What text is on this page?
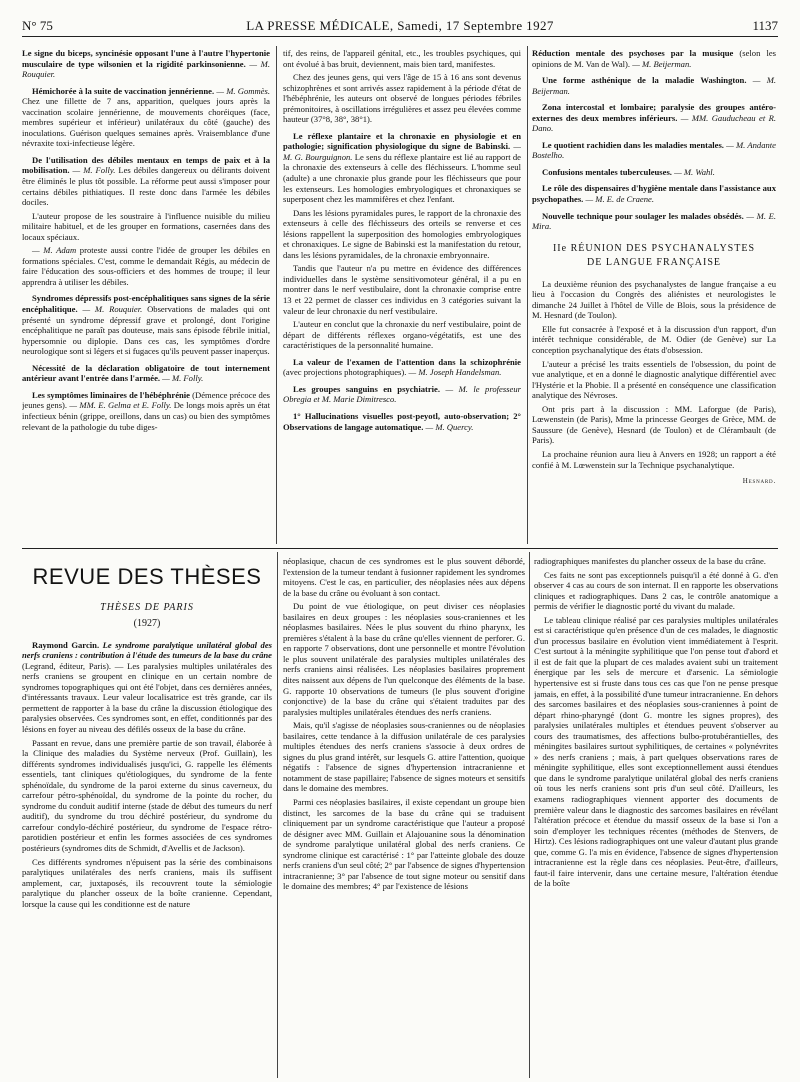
N° 75	LA PRESSE MÉDICALE, Samedi, 17 Septembre 1927	1137

Le signe du biceps, syncinésie opposant l'une à l'autre l'hypertonie musculaire de type wilsonien et la rigidité parkinsonienne. — M. Rouquier.

Hémichorée à la suite de vaccination jennérienne. — M. Gommès. Chez une fillette de 7 ans, apparition, quelques jours après la vaccination scolaire jennérienne, de mouvements choréiques (face, membres supérieur et inférieur) unilatéraux du côté (gauche) des inoculations. Guérison quelques semaines après. Vraisemblance d'une névraxite toxi-infectieuse légère.

De l'utilisation des débiles mentaux en temps de paix et à la mobilisation. — M. Folly. Les débiles dangereux ou délirants doivent être éliminés le plus tôt possible. La réforme peut aussi s'imposer pour certains débiles pithiatiques. Il reste donc dans l'armée les débiles dociles.

L'auteur propose de les soustraire à l'influence nuisible du milieu militaire habituel, et de les grouper en formations, casernées dans des locaux spéciaux.

— M. Adam proteste aussi contre l'idée de grouper les débiles en formations spéciales. C'est, comme le demandait Régis, au médecin de faire l'éducation des sous-officiers et des hommes de troupe; il leur apprendra à utiliser les débiles.

Syndromes dépressifs post-encéphalitiques sans signes de la série encéphalitique. — M. Rouquier. Observations de malades qui ont présenté un syndrome dépressif grave et prolongé, dont l'origine encéphalitique ne paraît pas douteuse, mais sans épisode fébrile initial, hypersomnie ou diplopie. Dans ces cas, les symptômes d'ordre neurologique sont si légers et si fugaces qu'ils peuvent passer inaperçus.

Nécessité de la déclaration obligatoire de tout internement antérieur avant l'entrée dans l'armée. — M. Folly.

Les symptômes liminaires de l'hébéphrénie (Démence précoce des jeunes gens). — MM. E. Gelma et E. Folly. De longs mois après un état infectieux bénin (grippe, oreillons, dans un cas) ou bien des symptômes relevant de la pathologie du tube diges-

tif, des reins, de l'appareil génital, etc., les troubles psychiques, qui ont évolué à bas bruit, deviennent, mais bien tard, manifestes.

Chez des jeunes gens, qui vers l'âge de 15 à 16 ans sont devenus schizophrènes et sont arrivés assez rapidement à la période d'état de l'hébéphrénie, les auteurs ont observé de longues périodes fébriles prémonitoires, à oscillations irrégulières et assez peu élevées comme hauteur (37°8, 38°, 38°1).

Le réflexe plantaire et la chronaxie en physiologie et en pathologie; signification physiologique du signe de Babinski. — M. G. Bourguignon. Le sens du réflexe plantaire est lié au rapport de la chronaxie des extenseurs à celle des fléchisseurs. L'homme seul (adulte) a une chronaxie plus grande pour les fléchisseurs que pour les extenseurs. Les homologies embryologiques et chronaxiques se superposent chez les mammifères et chez l'enfant.

Dans les lésions pyramidales pures, le rapport de la chronaxie des extenseurs à celle des fléchisseurs des orteils se renverse et ces lésions rappellent la superposition des homologies embryologiques et chronaxiques. Le signe de Babinski est la manifestation du retour, dans les lésions pyramidales, de la chronaxie embryonnaire.

Tandis que l'auteur n'a pu mettre en évidence des différences individuelles dans le système sensitivomoteur général, il a pu en montrer dans le nerf vestibulaire, dont la chronaxie comprise entre 13 et 22 permet de classer ces individus en 3 catégories suivant la valeur de leur chronaxie du nerf vestibulaire.

L'auteur en conclut que la chronaxie du nerf vestibulaire, point de départ de différents réflexes organo-végétatifs, est une des caractéristiques de la personnalité humaine.

La valeur de l'examen de l'attention dans la schizophrénie (avec projections photographiques). — M. Joseph Handelsman.

Les groupes sanguins en psychiatrie. — M. le professeur Obregia et M. Marie Dimitresco.

1° Hallucinations visuelles post-peyotl, auto-observation; 2° Observations de langage automatique. — M. Quercy.

Réduction mentale des psychoses par la musique (selon les opinions de M. Van de Wal). — M. Beijerman.

Une forme asthénique de la maladie Washington. — M. Beijerman.

Zona intercostal et lombaire; paralysie des groupes antéro-externes des deux membres inférieurs. — MM. Gauducheau et R. Dano.

Le quotient rachidien dans les maladies mentales. — M. Andante Bostelho.

Confusions mentales tuberculeuses. — M. Wahl.

Le rôle des dispensaires d'hygiène mentale dans l'assistance aux psychopathes. — M. E. de Craene.

Nouvelle technique pour soulager les malades obsédés. — M. E. Mira.

IIe RÉUNION DES PSYCHANALYSTES
DE LANGUE FRANÇAISE

La deuxième réunion des psychanalystes de langue française a eu lieu à l'occasion du Congrès des aliénistes et neurologistes le dimanche 24 Juillet à l'hôtel de Ville de Blois, sous la présidence de M. Hesnard (de Toulon).

Elle fut consacrée à l'exposé et à la discussion d'un rapport, d'un intérêt technique considérable, de M. Odier (de Genève) sur La conception psychanalytique des états d'obsession.

L'auteur a précisé les traits essentiels de l'obsession, du point de vue analytique, et en a donné le diagnostic analytique différentiel avec l'Hystérie et la Phobie. Il a présenté en conséquence une classification analytique des Névroses.

Ont pris part à la discussion : MM. Laforgue (de Paris), Lœwenstein (de Paris), Mme la princesse Georges de Grèce, MM. de Saussure (de Genève), Hesnard (de Toulon) et de Clérambault (de Paris).

La prochaine réunion aura lieu à Anvers en 1928; un rapport a été confié à M. Lœwenstein sur la Technique psychanalytique.

Hesnard.
REVUE DES THÈSES
THÈSES DE PARIS
(1927)

Raymond Garcin. Le syndrome paralytique unilatéral global des nerfs craniens : contribution à l'étude des tumeurs de la base du crâne (Legrand, éditeur, Paris). — Les paralysies multiples unilatérales des nerfs craniens se groupent en clinique en un certain nombre de syndromes topographiques qui ont été l'objet, dans ces dernières années, d'intéressants travaux. Leur valeur localisatrice est très grande, car ils permettent de rapporter à la base du crâne la discussion étiologique des paralysies observées. Ces syndromes sont, en effet, conditionnés par des lésions en foyer au niveau des défilés osseux de la base du crâne.

Passant en revue, dans une première partie de son travail, élaborée à la Clinique des maladies du Système nerveux (Prof. Guillain), les différents syndromes individualisés jusqu'ici, G. rappelle les éléments essentiels, tant cliniques qu'étiologiques, du syndrome de la fente sphénoïdale, du syndrome de la paroi externe du sinus caverneux, du carrefour pétro-sphénoïdal, du syndrome de la pointe du rocher, du syndrome du conduit auditif interne (stade de début des tumeurs du nerf auditif), du syndrome du trou déchiré postérieur, du syndrome du carrefour condylo-déchiré postérieur, du syndrome de l'espace rétro-parotidien postérieur et enfin les formes associées de ces syndromes postérieurs (syndromes dits de Schmidt, d'Avellis et de Jackson).

Ces différents syndromes n'épuisent pas la série des combinaisons paralytiques unilatérales des nerfs craniens, mais ils suffisent amplement, car, juxtaposés, ils recouvrent toute la sémiologie paralytique du plancher osseux de la boîte cranienne. Cependant, lorsque la cause qui les conditionne est de nature

néoplasique, chacun de ces syndromes est le plus souvent débordé, l'extension de la tumeur tendant à fusionner rapidement les syndromes mitoyens. C'est le cas, en particulier, des néoplasies nées aux dépens de la base du crâne ou évoluant à son contact.

Du point de vue étiologique, on peut diviser ces néoplasies basilaires en deux groupes : les néoplasies sous-craniennes et les néoplasmes basilaires. Nées le plus souvent du rhino pharynx, les premières s'étalent à la base du crâne qu'elles viennent de perforer. G. en rapporte 7 observations, dont une personnelle et montre l'évolution le plus souvent unilatérale des paralysies multiples unilatérales des nerfs craniens ainsi réalisées. Les néoplasies basilaires proprement dites naissent aux dépens de l'un quelconque des éléments de la base. G. rapporte 10 observations de tumeurs (le plus souvent d'origine conjonctive) de la base du crâne qui s'étaient traduites par des paralysies multiples unilatérales étendues des nerfs craniens.

Mais, qu'il s'agisse de néoplasies sous-craniennes ou de néoplasies basilaires, cette tendance à la diffusion unilatérale de ces paralysies multiples étendues des nerfs craniens s'associe à deux ordres de signes du plus grand intérêt, sur lesquels G. attire l'attention, quoique négatifs : l'absence de signes d'hypertension intracranienne et notamment de stase papillaire; l'absence de signes moteurs et sensitifs dans le domaine des membres.

Parmi ces néoplasies basilaires, il existe cependant un groupe bien distinct, les sarcomes de la base du crâne qui se traduisent cliniquement par un syndrome caractéristique que l'auteur a proposé de désigner avec MM. Guillain et Alajouanine sous la dénomination de syndrome paralytique unilatéral global des nerfs craniens. Ce syndrome clinique est caractérisé : 1° par l'atteinte globale des douze nerfs craniens d'un seul côté; 2° par l'absence de signes d'hypertension intracranienne; 3° par l'absence de tout signe moteur ou sensitif dans le domaine des membres; 4° par l'existence de lésions

radiographiques manifestes du plancher osseux de la base du crâne.

Ces faits ne sont pas exceptionnels puisqu'il a été donné à G. d'en observer 4 cas au cours de son internat. Il en rapporte les observations cliniques et radiographiques. Dans 2 cas, le contrôle anatomique a permis de vérifier le diagnostic porté du vivant du malade.

Le tableau clinique réalisé par ces paralysies multiples unilatérales est si caractéristique qu'en présence d'un de ces malades, le diagnostic d'un processus basilaire en évolution vient immédiatement à l'esprit. C'est surtout à la méningite syphilitique que l'on pense tout d'abord et il est de fait que la plupart de ces malades avaient subi un traitement énergique par les sels de mercure et d'arsenic. La sémiologie hypertensive est si fruste dans tous ces cas que l'on ne pense presque jamais, en effet, à la possibilité d'une tumeur intracranienne. En dehors des sarcomes basilaires et des néoplasies sous-craniennes à point de départ rhino-pharyngé (dont G. montre les signes propres), des paralysies unilatérales multiples et étendues peuvent s'observer au cours des traumatismes, des affections bulbo-protubérantielles, des méningites basilaires surtout syphilitiques, de certaines « polynévrites » des nerfs craniens ; mais, à part quelques observations rares de méningite syphilitique, elles sont exceptionnellement aussi étendues que dans le syndrome paralytique unilatéral global des nerfs craniens où tous les nerfs craniens sont pris d'un seul côté. D'ailleurs, les examens radiographiques viennent apporter des documents de première valeur dans le diagnostic des sarcomes basilaires en révélant l'altération précoce et étendue du massif osseux de la base si l'on a soin d'employer les techniques récentes (méthodes de Stenvers, de Hirtz). Ces lésions radiographiques ont une valeur d'autant plus grande que, comme G. l'a mis en évidence, l'absence de signes d'hypertension intracranienne est la règle dans ces néoplasies. Peut-être, d'ailleurs, faut-il faire intervenir, dans une certaine mesure, l'altération étendue de la boîte
